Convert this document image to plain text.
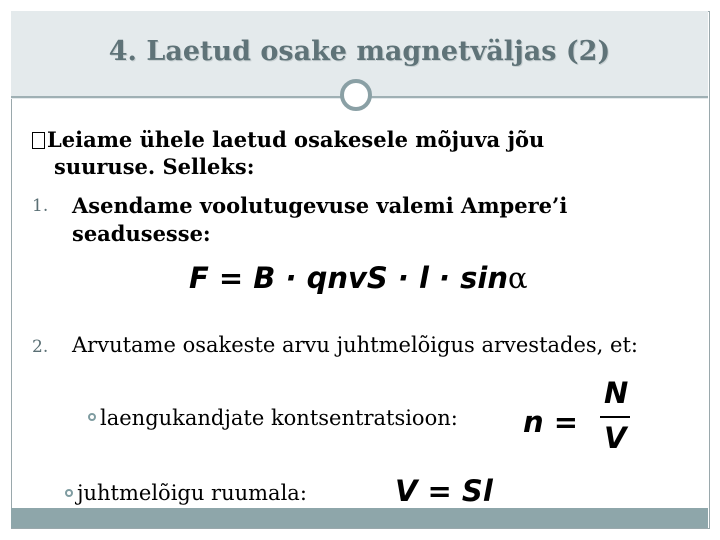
4. Laetud osake magnetväljas (2)
Leiame ühele laetud osakesele mõjuva jõu
suuruse. Selleks:
1. Asendame voolutugevuse valemi Ampere’i
seadusesse:
F = B · qnvS · l · sinα
2. Arvutame osakeste arvu juhtmelõigus arvestades, et:
laengukandjate kontsentratsioon: n =
N
V
juhtmelõigu ruumala:	V = Sl
